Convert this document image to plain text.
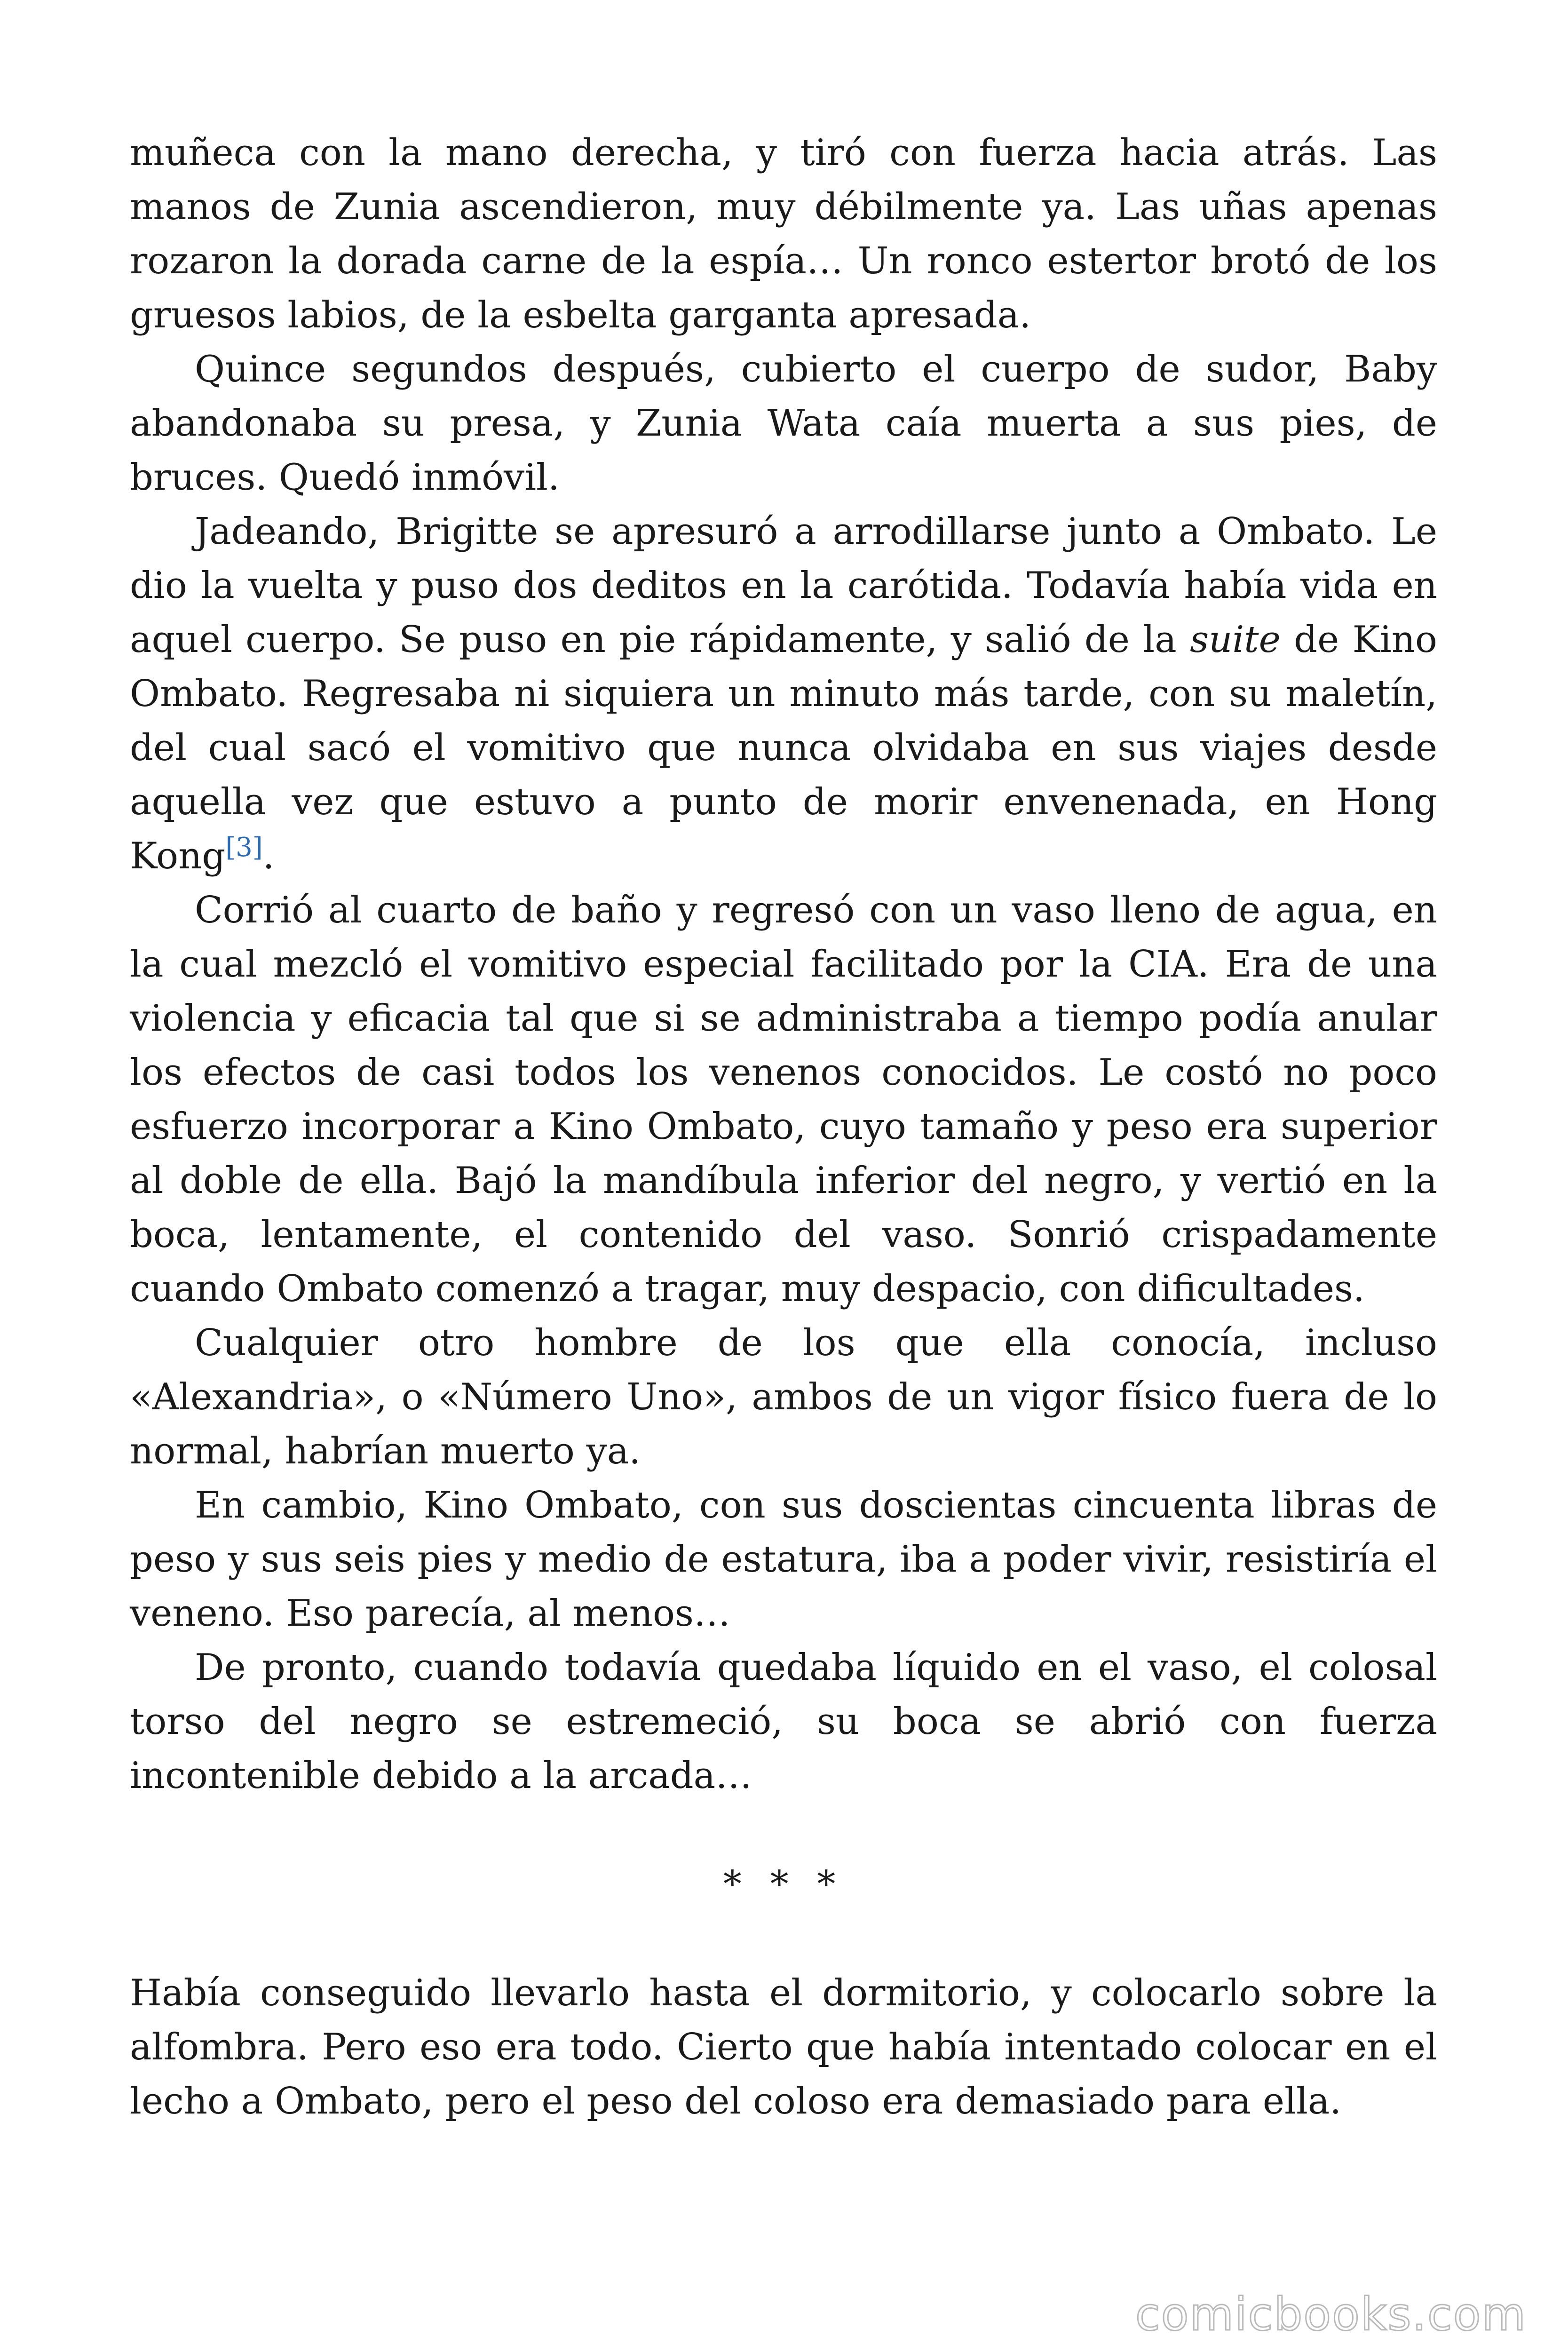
muñeca con la mano derecha, y tiró con fuerza hacia atrás. Las manos de Zunia ascendieron, muy débilmente ya. Las uñas apenas rozaron la dorada carne de la espía… Un ronco estertor brotó de los gruesos labios, de la esbelta garganta apresada.

Quince segundos después, cubierto el cuerpo de sudor, Baby abandonaba su presa, y Zunia Wata caía muerta a sus pies, de bruces. Quedó inmóvil.

Jadeando, Brigitte se apresuró a arrodillarse junto a Ombato. Le dio la vuelta y puso dos deditos en la carótida. Todavía había vida en aquel cuerpo. Se puso en pie rápidamente, y salió de la suite de Kino Ombato. Regresaba ni siquiera un minuto más tarde, con su maletín, del cual sacó el vomitivo que nunca olvidaba en sus viajes desde aquella vez que estuvo a punto de morir envenenada, en Hong Kong[3].

Corrió al cuarto de baño y regresó con un vaso lleno de agua, en la cual mezcló el vomitivo especial facilitado por la CIA. Era de una violencia y eficacia tal que si se administraba a tiempo podía anular los efectos de casi todos los venenos conocidos. Le costó no poco esfuerzo incorporar a Kino Ombato, cuyo tamaño y peso era superior al doble de ella. Bajó la mandíbula inferior del negro, y vertió en la boca, lentamente, el contenido del vaso. Sonrió crispadamente cuando Ombato comenzó a tragar, muy despacio, con dificultades.

Cualquier otro hombre de los que ella conocía, incluso «Alexandria», o «Número Uno», ambos de un vigor físico fuera de lo normal, habrían muerto ya.

En cambio, Kino Ombato, con sus doscientas cincuenta libras de peso y sus seis pies y medio de estatura, iba a poder vivir, resistiría el veneno. Eso parecía, al menos…

De pronto, cuando todavía quedaba líquido en el vaso, el colosal torso del negro se estremeció, su boca se abrió con fuerza incontenible debido a la arcada…

* * *

Había conseguido llevarlo hasta el dormitorio, y colocarlo sobre la alfombra. Pero eso era todo. Cierto que había intentado colocar en el lecho a Ombato, pero el peso del coloso era demasiado para ella.

comicbooks.com
